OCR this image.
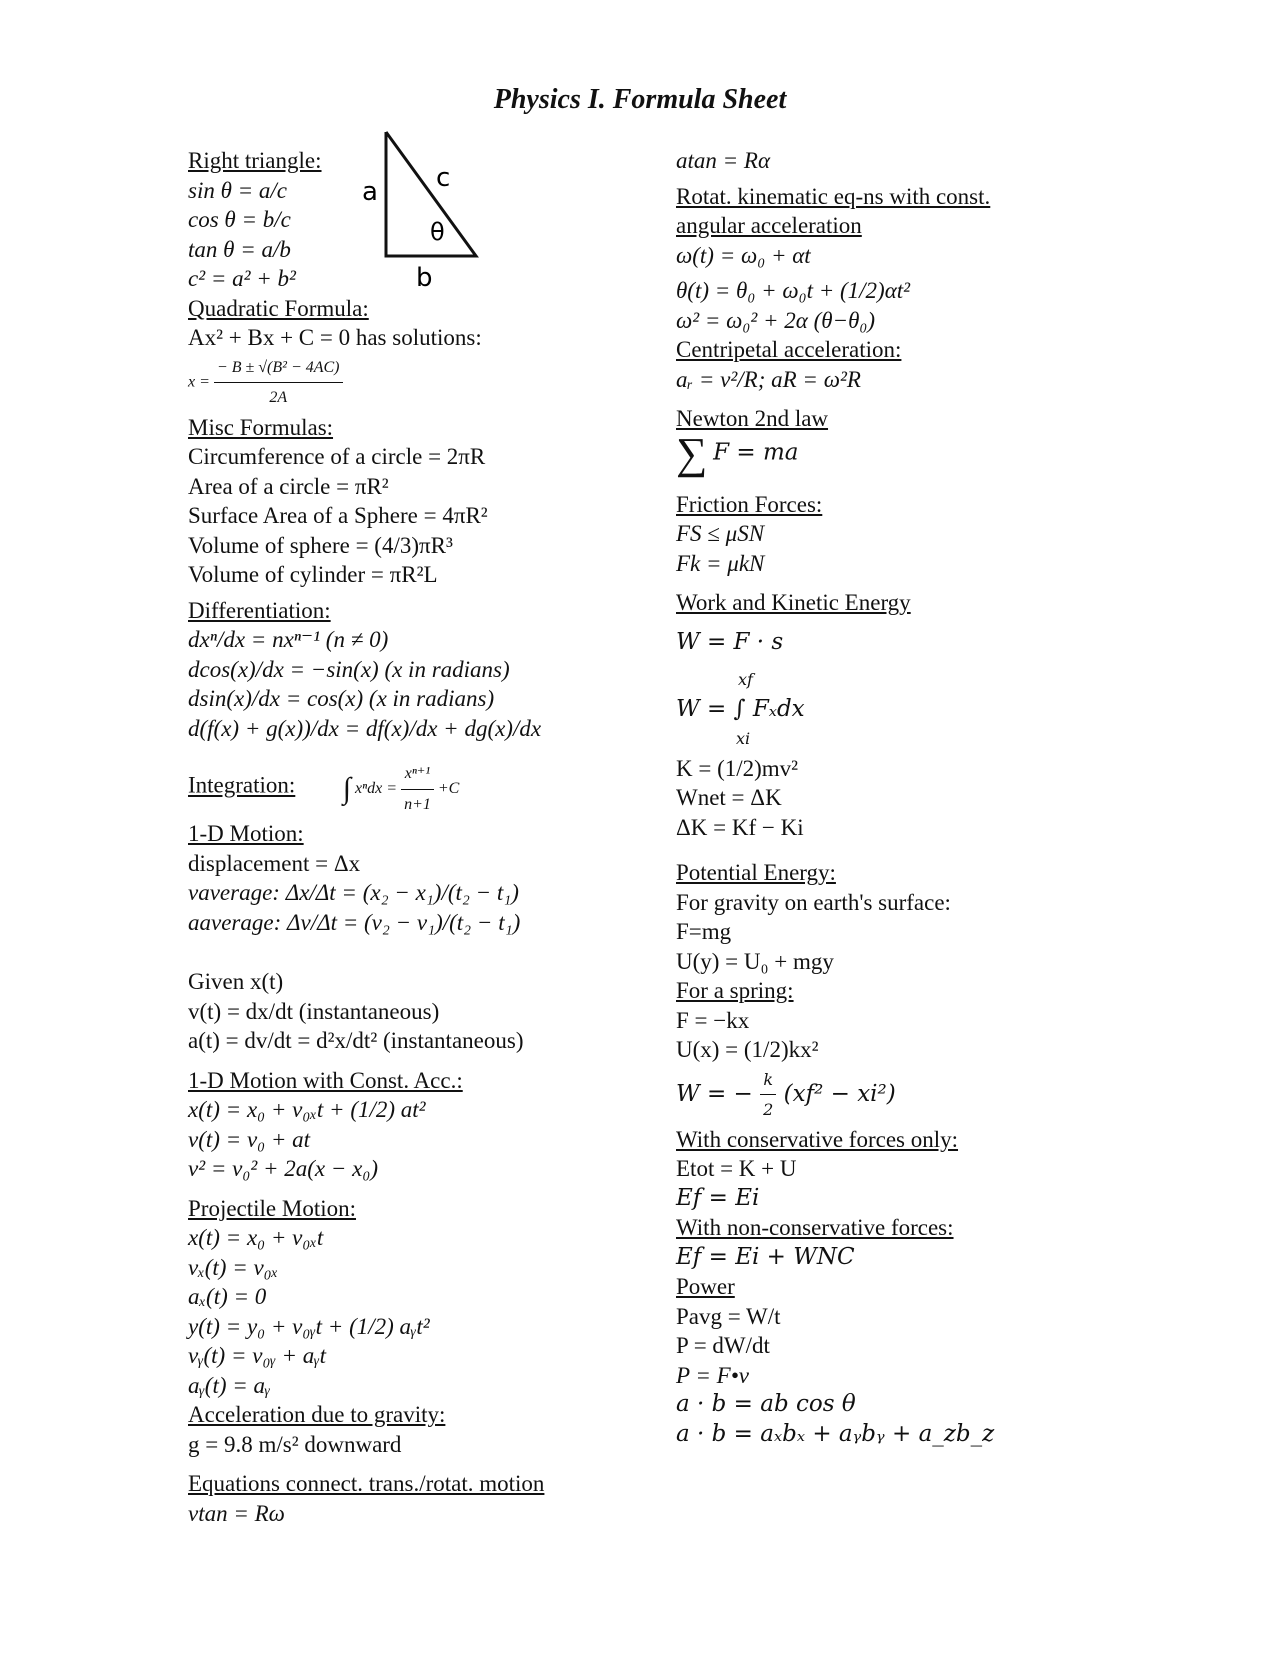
Physics I. Formula Sheet
a c
θ
b
Right triangle:
sin θ = a/c
cos θ = b/c
tan θ = a/b
c² = a² + b²
Quadratic Formula:
Ax² + Bx + C = 0 has solutions:
$x = \frac{\text{− B ± √(B² − 4AC)}}{2A}$
Misc Formulas:
Circumference of a circle = 2πR
Area of a circle = πR²
Surface Area of a Sphere = 4πR²
Volume of sphere = (4/3)πR³
Volume of cylinder = πR²L
Differentiation:
dxⁿ/dx = nxⁿ⁻¹ (n ≠ 0)
dcos(x)/dx = −sin(x) (x in radians)
dsin(x)/dx = cos(x) (x in radians)
d(f(x) + g(x))/dx = df(x)/dx + dg(x)/dx
Integration: ∫ $x^ndx = \frac{\text{xⁿ⁺¹}}{n+1} +C$
1-D Motion:
displacement = Δx
vaverage: Δx/Δt = (x₂ − x₁)/(t₂ − t₁)
aaverage: Δv/Δt = (v₂ − v₁)/(t₂ − t₁)
Given x(t)
v(t) = dx/dt (instantaneous)
a(t) = dv/dt = d²x/dt² (instantaneous)
1-D Motion with Const. Acc.:
x(t) = x₀ + v₀ₓt + (1/2) at²
v(t) = v₀ + at
v² = v₀² + 2a(x − x₀)
Projectile Motion:
x(t) = x₀ + v₀ₓt
vₓ(t) = v₀ₓ
aₓ(t) = 0
y(t) = y₀ + v₀ᵧt + (1/2) aᵧt²
vᵧ(t) = v₀ᵧ + aᵧt
aᵧ(t) = aᵧ
Acceleration due to gravity:
g = 9.8 m/s² downward
Equations connect. trans./rotat. motion
vtan = Rω
atan = Rα
Rotat. kinematic eq-ns with const. angular acceleration
ω(t) = ω₀ + αt
θ(t) = θ₀ + ω₀t + (1/2)αt²
ω² = ω₀² + 2α (θ−θ₀)
Centripetal acceleration:
aᵣ = v²/R; aR = ω²R
Newton 2nd law
∑ F = ma
Friction Forces:
FS ≤ μSN
Fk = μkN
Work and Kinetic Energy
W = F · s
xf
W = ∫ Fₓdx
xi
K = (1/2)mv²
Wnet = ΔK
ΔK = Kf − Ki
Potential Energy:
For gravity on earth's surface:
F=mg
U(y) = U₀ + mgy
For a spring:
F = −kx
U(x) = (1/2)kx²
W = − $\frac{k}{2} (xf^2 - xi^2)$
With conservative forces only:
Etot = K + U
Ef = Ei
With non-conservative forces:
Ef = Ei + WNC
Power
Pavg = W/t
P = dW/dt
P = F•v
a · b = ab cos θ
a · b = aₓbₓ + aᵧbᵧ + a_zb_z
